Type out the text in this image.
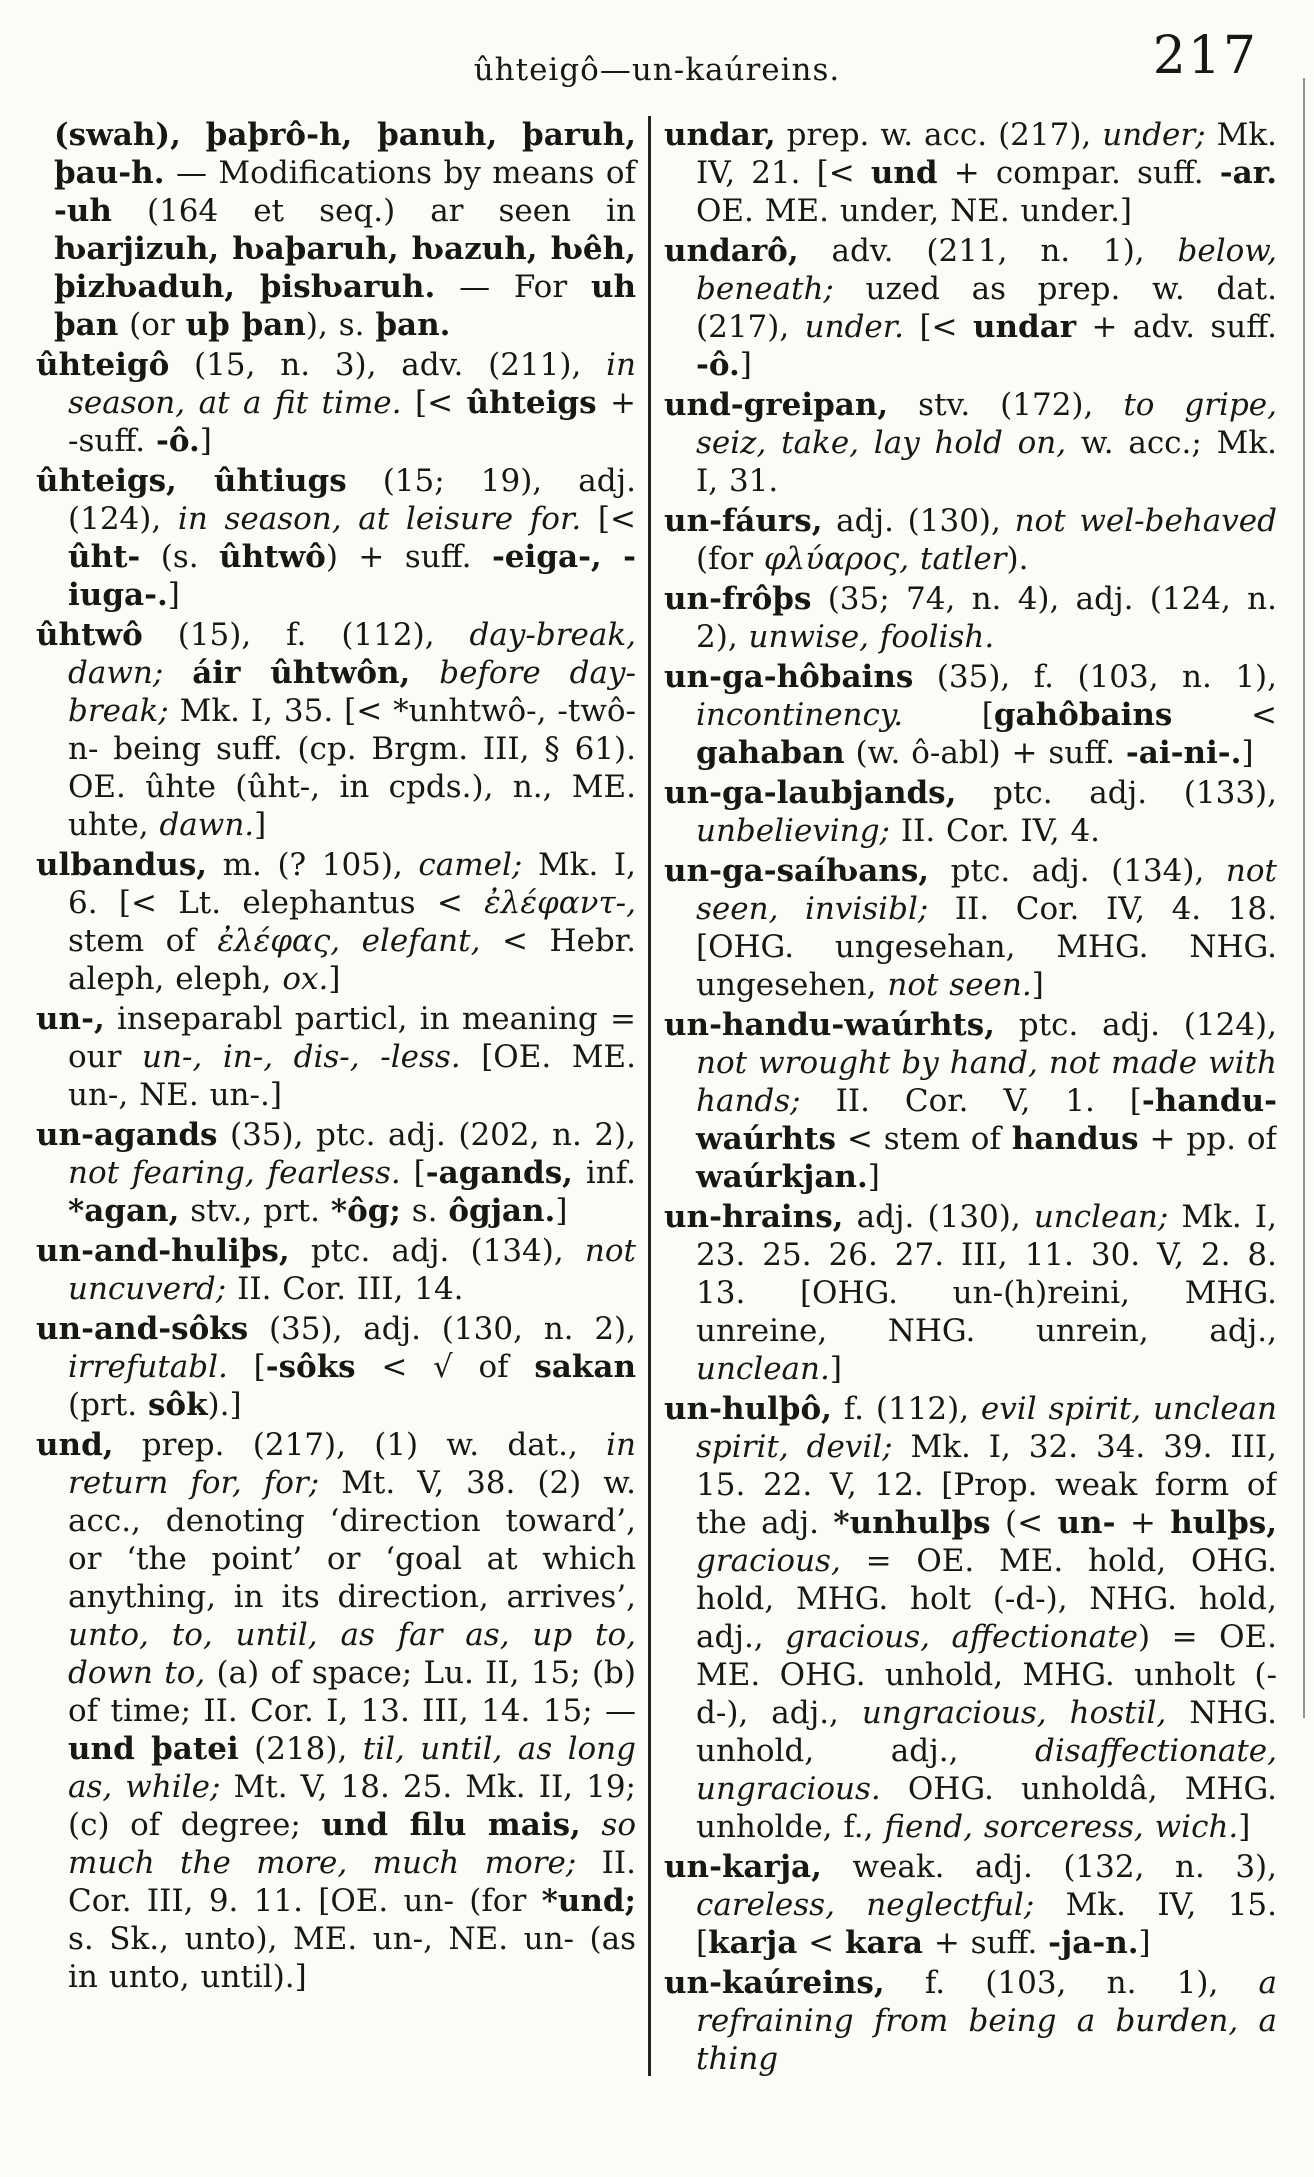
ûhteigô—un-kaúreins.	217

(swah), þaþrô-h, þanuh, þaruh, þau-h. — Modifications by means of -uh (164 et seq.) ar seen in ƕarjizuh, ƕaþaruh, ƕazuh, ƕêh, þizƕaduh, þisƕaruh. — For uh þan (or uþ þan), s. þan.

ûhteigô (15, n. 3), adv. (211), in season, at a fit time. [< ûhteigs + -suff. -ô.]

ûhteigs, ûhtiugs (15; 19), adj. (124), in season, at leisure for. [< ûht- (s. ûhtwô) + suff. -eiga-, -iuga-.]

ûhtwô (15), f. (112), day-break, dawn; áir ûhtwôn, before day-break; Mk. I, 35. [< *unhtwô-, -twô-n- being suff. (cp. Brgm. III, § 61). OE. ûhte (ûht-, in cpds.), n., ME. uhte, dawn.]

ulbandus, m. (? 105), camel; Mk. I, 6. [< Lt. elephantus < ἐλέφαντ-, stem of ἐλέφας, elefant, < Hebr. aleph, eleph, ox.]

un-, inseparabl particl, in meaning = our un-, in-, dis-, -less. [OE. ME. un-, NE. un-.]

un-agands (35), ptc. adj. (202, n. 2), not fearing, fearless. [-agands, inf. *agan, stv., prt. *ôg; s. ôgjan.]

un-and-huliþs, ptc. adj. (134), not uncuverd; II. Cor. III, 14.

un-and-sôks (35), adj. (130, n. 2), irrefutabl. [-sôks < √ of sakan (prt. sôk).]

und, prep. (217), (1) w. dat., in return for, for; Mt. V, 38. (2) w. acc., denoting ‘direction toward’, or ‘the point’ or ‘goal at which anything, in its direction, arrives’, unto, to, until, as far as, up to, down to, (a) of space; Lu. II, 15; (b) of time; II. Cor. I, 13. III, 14. 15; — und þatei (218), til, until, as long as, while; Mt. V, 18. 25. Mk. II, 19; (c) of degree; und filu mais, so much the more, much more; II. Cor. III, 9. 11. [OE. un- (for *und; s. Sk., unto), ME. un-, NE. un- (as in unto, until).]

undar, prep. w. acc. (217), under; Mk. IV, 21. [< und + compar. suff. -ar. OE. ME. under, NE. under.]

undarô, adv. (211, n. 1), below, beneath; uzed as prep. w. dat. (217), under. [< undar + adv. suff. -ô.]

und-greipan, stv. (172), to gripe, seiz, take, lay hold on, w. acc.; Mk. I, 31.

un-fáurs, adj. (130), not wel-behaved (for φλύαρος, tatler).

un-frôþs (35; 74, n. 4), adj. (124, n. 2), unwise, foolish.

un-ga-hôbains (35), f. (103, n. 1), incontinency. [gahôbains < gahaban (w. ô-abl) + suff. -ai-ni-.]

un-ga-laubjands, ptc. adj. (133), unbelieving; II. Cor. IV, 4.

un-ga-saíƕans, ptc. adj. (134), not seen, invisibl; II. Cor. IV, 4. 18. [OHG. ungesehan, MHG. NHG. ungesehen, not seen.]

un-handu-waúrhts, ptc. adj. (124), not wrought by hand, not made with hands; II. Cor. V, 1. [-handu-waúrhts < stem of handus + pp. of waúrkjan.]

un-hrains, adj. (130), unclean; Mk. I, 23. 25. 26. 27. III, 11. 30. V, 2. 8. 13. [OHG. un-(h)reini, MHG. unreine, NHG. unrein, adj., unclean.]

un-hulþô, f. (112), evil spirit, unclean spirit, devil; Mk. I, 32. 34. 39. III, 15. 22. V, 12. [Prop. weak form of the adj. *unhulþs (< un- + hulþs, gracious, = OE. ME. hold, OHG. hold, MHG. holt (-d-), NHG. hold, adj., gracious, affectionate) = OE. ME. OHG. unhold, MHG. unholt (-d-), adj., ungracious, hostil, NHG. unhold, adj., disaffectionate, ungracious. OHG. unholdâ, MHG. unholde, f., fiend, sorceress, wich.]

un-karja, weak. adj. (132, n. 3), careless, neglectful; Mk. IV, 15. [karja < kara + suff. -ja-n.]

un-kaúreins, f. (103, n. 1), a refraining from being a burden, a thing
